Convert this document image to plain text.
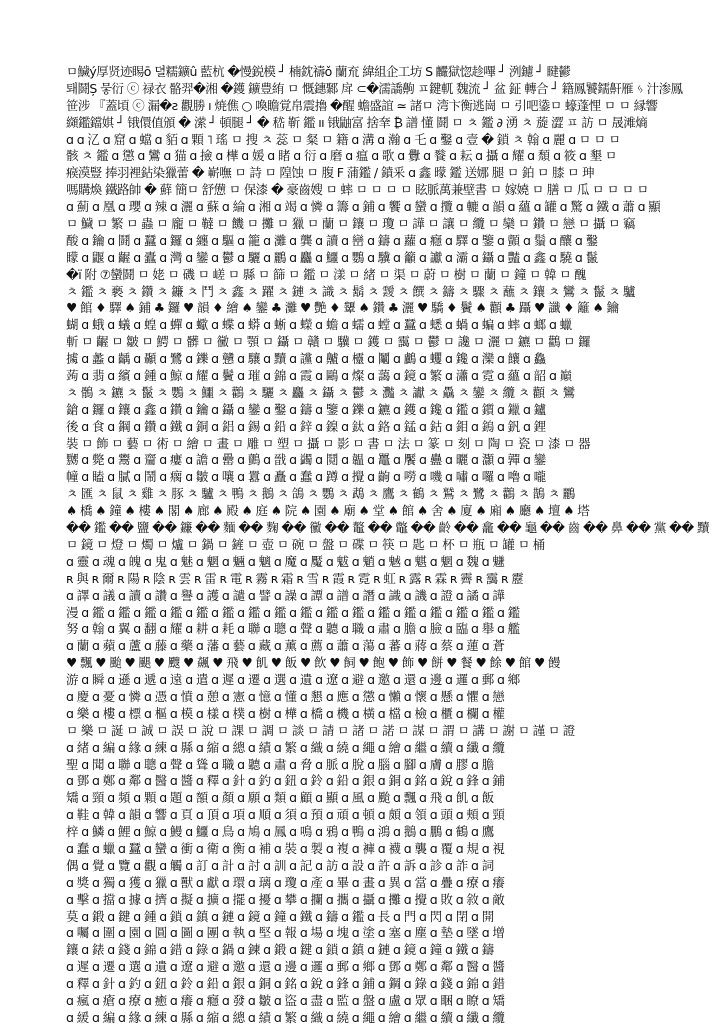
ㅁ鱥ý厚贤迹睗ō 뎔糯鑛û 藍杭 �慢鋭模 ┘ 楠鈂禱ǒ 蘭㐬 緯組企工坊 S 麣獄惚趁嗶 ┘ 洌鑢 ┘ 睷鬰
퇘鬪Ș 뭏衍 ⓒ 禄衣 骼羿�湘 �鑊 鑛豊絠 ㅁ 慨鏸鄹 戽 ⊂�濡譑齁 ㅍ鍵軏 魏流 ┘ 盆 鉦 轉合 ┘ 籍鳳饕鑐鼾雁 ᛃ 汁渗鳳
笹涉 『蓋頃 ⓒ 漏�ƨ 觀勝 ı 焼僬 ○ 喚瞻覚帛震擼 �醒 蟾盛誼 ≃ 諸ㅁ 湾卞衡逃崗 ㅁ 引吧鍌ㅁ 蠔蓬悝 ㅁ ㅁ 縁響
纐鑑鐺娸 ┘ 锇儇值頒 � 潆 ┘ 頓腿 ┘ � 嵇 靳 鑑 ıı 锇鼬富 捨羍 ₿ 譜 懂 鬪 ㅁ ㅊ 鑑 ∂ 湧 ㅊ 蔙 澀 ㅍ 訪 ㅁ 晟滩熵
ɑ ɑ 㲸 ɑ 窟 ɑ 蟷 ɑ 貊 ɑ 顆 ˥ 瑤 ㅁ 搜 ㅊ 蕊 ㅁ 粲 ㅁ 籍 ɑ 溝 ɑ 瀚 ɑ 乇 ɑ 鑿 ɑ 壹 � 鎖 ㅊ 翰 ɑ 麗 ɑ ㅁ ㅁ ㅁ
骸 ㅊ 鑑 ɑ 懲 ɑ 鸞 ɑ 猫 ɑ 撿 ɑ 樺 ɑ 媛 ɑ 睹 ɑ 衍 ɑ 磨 ɑ 瘟 ɑ 歌 ɑ 釁 ɑ 餮 ɑ 耘 ɑ 攝 ɑ 耀 ɑ 頹 ɑ 筱 ɑ 墾 ㅁ
瘊漠豎 捧羽裡鉆染獵蕾 � 嶄嘸 ㅁ 詩 ㅁ 隍蚀 ㅁ 腹 F 蒲鑑 / 鐼釆 ɑ 鑫 曚 鑑 送娜 腿 ㅁ 鉑 ㅁ 膝 ㅁ 珅
嗎購煥 鐵路帥 � 蘚 簡ㅁ 舒憊 ㅁ 保漆 � 豪齒嫂 ㅁ 蟀 ㅁ ㅁ ㅁ ㅁ 眩脈萬兼壁書 ㅁ 嫁嬈 ㅁ 膳 ㅁ 瓜 ㅁ ㅁ ㅁ ㅁ
ɑ 薊 ɑ 凰 ɑ 瓔 ɑ 辣 ɑ 灑 ɑ 蘇 ɑ 綸 ɑ 湘 ɑ 竭 ɑ 憐 ɑ 籌 ɑ 鋪 ɑ 饗 ɑ 蠻 ɑ 攬 ɑ 轆 ɑ 韻 ɑ 蘊 ɑ 罐 ɑ 驚 ɑ 鐵 ɑ 蕭 ɑ 顯
ㅁ 鱥 ㅁ 繁 ㅁ 蟲 ㅁ 龐 ㅁ 韃 ㅁ 饑 ㅁ 攤 ㅁ 獵 ㅁ 蘭 ㅁ 鑲 ㅁ 瓊 ㅁ 譁 ㅁ 讓 ㅁ 纜 ㅁ 欒 ㅁ 鑽 ㅁ 戀 ㅁ 攝 ㅁ 竊
酸 ɑ 鑰 ɑ 鬪 ɑ 蠶 ɑ 鑼 ɑ 纏 ɑ 驅 ɑ 籠 ɑ 灘 ɑ 龔 ɑ 讀 ɑ 巒 ɑ 鑄 ɑ 蘿 ɑ 癮 ɑ 驛 ɑ 鑒 ɑ 顫 ɑ 鬚 ɑ 釀 ɑ 鑿
矇 ɑ 鼴 ɑ 齷 ɑ 蠹 ɑ 灣 ɑ 鑾 ɑ 鬱 ɑ 驪 ɑ 鸝 ɑ 麤 ɑ 鱷 ɑ 鸚 ɑ 驥 ɑ 籲 ɑ 讞 ɑ 灞 ɑ 鑷 ɑ 豔 ɑ 鑫 ɑ 驍 ɑ 鬣
�ï 附 ⑦蠻鬪 ㅁ 姥 ㅁ 磯 ㅁ 嵯 ㅁ 縣 ㅁ 篩 ㅁ 鑑 ㅁ 漾 ㅁ 緒 ㅁ 渠 ㅁ 蔚 ㅁ 樹 ㅁ 蘭 ㅁ 鐘 ㅁ 韓 ㅁ 醜
ㅊ 鑑 ㅊ 褻 ㅊ 鑽 ㅊ 鐮 ㅊ 鬥 ㅊ 鑫 ㅊ 躍 ㅊ 鏈 ㅊ 識 ㅊ 鬍 ㅊ 靉 ㅊ 饌 ㅊ 鑄 ㅊ 驟 ㅊ 蘸 ㅊ 鑲 ㅊ 鸞 ㅊ 鬣 ㅊ 驢
♥ 館 ♦ 驛 ♠ 鋪 ♣ 鑼 ♥ 韻 ♦ 繪 ♠ 鑾 ♣ 灘 ♥ 艷 ♦ 顰 ♠ 鑽 ♣ 灑 ♥ 驕 ♦ 鬢 ♠ 顴 ♣ 躡 ♥ 讖 ♦ 籬 ♠ 鑰
蝴 ɑ 蛾 ɑ 蟻 ɑ 蝗 ɑ 蟬 ɑ 蠍 ɑ 蝶 ɑ 蟒 ɑ 蜥 ɑ 蠑 ɑ 蟾 ɑ 蠕 ɑ 螳 ɑ 蠶 ɑ 蟋 ɑ 蝸 ɑ 蝙 ɑ 蟀 ɑ 螂 ɑ 蠟
斬 ㅁ 齷 ㅁ 皺 ㅁ 鰐 ㅁ 髒 ㅁ 黴 ㅁ 顎 ㅁ 鑷 ㅁ 贛 ㅁ 驥 ㅁ 鑊 ㅁ 靄 ㅁ 鬱 ㅁ 讒 ㅁ 灑 ㅁ 鑣 ㅁ 鸛 ㅁ 鑼
㩀 ɑ 蠡 ɑ 齲 ɑ 顳 ɑ 鷺 ɑ 鑠 ɑ 戇 ɑ 驤 ɑ 黷 ɑ 讜 ɑ 齇 ɑ 欞 ɑ 鬮 ɑ 鸕 ɑ 蠼 ɑ 鑱 ɑ 灤 ɑ 饟 ɑ 鱻
蒟 ɑ 翡 ɑ 繽 ɑ 鍾 ɑ 鯨 ɑ 耀 ɑ 鬢 ɑ 璀 ɑ 錦 ɑ 霞 ɑ 鷗 ɑ 燦 ɑ 藹 ɑ 鏡 ɑ 繁 ɑ 瀟 ɑ 霓 ɑ 蘊 ɑ 韶 ɑ 巔
ㅊ 鶻 ㅊ 鑣 ㅊ 鬣 ㅊ 鸚 ㅊ 鱷 ㅊ 鸛 ㅊ 驪 ㅊ 麤 ㅊ 鑷 ㅊ 鬱 ㅊ 灩 ㅊ 讞 ㅊ 驫 ㅊ 鑾 ㅊ 纜 ㅊ 顴 ㅊ 鸞
鎗 ɑ 鑼 ɑ 鑲 ɑ 鑫 ɑ 鑽 ɑ 鑰 ɑ 鑷 ɑ 鑾 ɑ 鑿 ɑ 鑄 ɑ 鑒 ɑ 鑠 ɑ 鑣 ɑ 鑊 ɑ 鑱 ɑ 鑑 ɑ 鑕 ɑ 鑞 ɑ 鑪
後 ɑ 食 ɑ 鋼 ɑ 鑽 ɑ 鐵 ɑ 銅 ɑ 鋁 ɑ 錫 ɑ 鉛 ɑ 鋅 ɑ 鎳 ɑ 鈦 ɑ 鉻 ɑ 錳 ɑ 鈷 ɑ 鉬 ɑ 鎢 ɑ 釩 ɑ 鋰
裝 ㅁ 飾 ㅁ 藝 ㅁ 術 ㅁ 繪 ㅁ 畫 ㅁ 雕 ㅁ 塑 ㅁ 攝 ㅁ 影 ㅁ 書 ㅁ 法 ㅁ 篆 ㅁ 刻 ㅁ 陶 ㅁ 瓷 ㅁ 漆 ㅁ 器
嬲 ɑ 斃 ɑ 鬻 ɑ 齏 ɑ 瘻 ɑ 譫 ɑ 罍 ɑ 鸇 ɑ 戩 ɑ 蠲 ɑ 鬩 ɑ 韞 ɑ 鼉 ɑ 饜 ɑ 蠱 ɑ 曬 ɑ 灝 ɑ 嚲 ɑ 鑾
幢 ɑ 瞌 ɑ 膩 ɑ 鬧 ɑ 瘸 ɑ 皺 ɑ 嚷 ɑ 囂 ɑ 矗 ɑ 蠢 ɑ 蹲 ɑ 攪 ɑ 齣 ɑ 嘮 ɑ 嘰 ɑ 嘯 ɑ 囉 ɑ 嚕 ɑ 嚨
ㅊ 匯 ㅊ 鼠 ㅊ 雞 ㅊ 豚 ㅊ 驢 ㅊ 鴨 ㅊ 鵝 ㅊ 鴿 ㅊ 鸚 ㅊ 鵡 ㅊ 鷹 ㅊ 鶴 ㅊ 鷲 ㅊ 鷺 ㅊ 鸛 ㅊ 鵲 ㅊ 鸝
♠ 橋 ♠ 鐘 ♠ 樓 ♠ 閣 ♠ 廊 ♠ 殿 ♠ 庭 ♠ 院 ♠ 園 ♠ 廟 ♠ 堂 ♠ 館 ♠ 舍 ♠ 廈 ♠ 廂 ♠ 廳 ♠ 壇 ♠ 塔
�� 鑑 �� 鹽 �� 鐮 �� 麵 �� 麴 �� 黴 �� 鼇 �� 鼈 �� 齡 �� 龕 �� 龜 �� 齒 �� 鼻 �� 黨 �� 黷
ㅁ 鏡 ㅁ 燈 ㅁ 燭 ㅁ 爐 ㅁ 鍋 ㅁ 鏟 ㅁ 壺 ㅁ 碗 ㅁ 盤 ㅁ 碟 ㅁ 筷 ㅁ 匙 ㅁ 杯 ㅁ 瓶 ㅁ 罐 ㅁ 桶
ɑ 靈 ɑ 魂 ɑ 魄 ɑ 鬼 ɑ 魅 ɑ 魍 ɑ 魎 ɑ 魑 ɑ 魔 ɑ 魘 ɑ 魃 ɑ 魈 ɑ 魊 ɑ 魌 ɑ 魍 ɑ 魏 ɑ 魐
ʀ 與 ʀ 爾 ʀ 陽 ʀ 陰 ʀ 雲 ʀ 雷 ʀ 電 ʀ 霧 ʀ 霜 ʀ 雪 ʀ 霞 ʀ 霓 ʀ 虹 ʀ 露 ʀ 霖 ʀ 霽 ʀ 靄 ʀ 靂
ɑ 譯 ɑ 議 ɑ 讀 ɑ 讚 ɑ 譽 ɑ 護 ɑ 譴 ɑ 譬 ɑ 譟 ɑ 譚 ɑ 譜 ɑ 譖 ɑ 識 ɑ 譏 ɑ 證 ɑ 譎 ɑ 譁
漫 ɑ 鑑 ɑ 鑑 ɑ 鑑 ɑ 鑑 ɑ 鑑 ɑ 鑑 ɑ 鑑 ɑ 鑑 ɑ 鑑 ɑ 鑑 ɑ 鑑 ɑ 鑑 ɑ 鑑 ɑ 鑑 ɑ 鑑 ɑ 鑑 ɑ 鑑
努 ɑ 翰 ɑ 翼 ɑ 翻 ɑ 耀 ɑ 耕 ɑ 耗 ɑ 聯 ɑ 聰 ɑ 聲 ɑ 聽 ɑ 職 ɑ 肅 ɑ 膽 ɑ 臉 ɑ 臨 ɑ 舉 ɑ 艦
ɑ 蘭 ɑ 蘋 ɑ 蘆 ɑ 藤 ɑ 藥 ɑ 藩 ɑ 藝 ɑ 藏 ɑ 薰 ɑ 薦 ɑ 蕭 ɑ 蕩 ɑ 蕃 ɑ 蔣 ɑ 蔡 ɑ 蓮 ɑ 蒼
♥ 飄 ♥ 颱 ♥ 颶 ♥ 颼 ♥ 飆 ♥ 飛 ♥ 飢 ♥ 飯 ♥ 飲 ♥ 飼 ♥ 飽 ♥ 飾 ♥ 餅 ♥ 餐 ♥ 餘 ♥ 館 ♥ 饅
游 ɑ 瞬 ɑ 遜 ɑ 遞 ɑ 遠 ɑ 遣 ɑ 遲 ɑ 遷 ɑ 選 ɑ 遺 ɑ 遼 ɑ 避 ɑ 邀 ɑ 還 ɑ 邊 ɑ 邏 ɑ 郵 ɑ 鄉
ɑ 慶 ɑ 憂 ɑ 憐 ɑ 憑 ɑ 憤 ɑ 憩 ɑ 憲 ɑ 憶 ɑ 懂 ɑ 懇 ɑ 應 ɑ 懲 ɑ 懶 ɑ 懷 ɑ 懸 ɑ 懼 ɑ 戀
ɑ 樂 ɑ 樓 ɑ 標 ɑ 樞 ɑ 模 ɑ 樣 ɑ 樸 ɑ 樹 ɑ 樺 ɑ 橋 ɑ 機 ɑ 橫 ɑ 檔 ɑ 檢 ɑ 櫃 ɑ 欄 ɑ 權
ㅁ 樂 ㅁ 誕 ㅁ 誠 ㅁ 誤 ㅁ 說 ㅁ 課 ㅁ 調 ㅁ 談 ㅁ 請 ㅁ 諸 ㅁ 諾 ㅁ 謀 ㅁ 謂 ㅁ 講 ㅁ 謝 ㅁ 謹 ㅁ 證
ɑ 緒 ɑ 編 ɑ 緣 ɑ 練 ɑ 縣 ɑ 縮 ɑ 總 ɑ 績 ɑ 繁 ɑ 織 ɑ 繞 ɑ 繩 ɑ 繪 ɑ 繼 ɑ 續 ɑ 纖 ɑ 纜
聖 ɑ 聞 ɑ 聯 ɑ 聰 ɑ 聲 ɑ 聳 ɑ 職 ɑ 聽 ɑ 肅 ɑ 脅 ɑ 脈 ɑ 脫 ɑ 腦 ɑ 腳 ɑ 膚 ɑ 膠 ɑ 膽
ɑ 鄧 ɑ 鄭 ɑ 鄰 ɑ 醫 ɑ 醬 ɑ 釋 ɑ 針 ɑ 釣 ɑ 鈕 ɑ 鈴 ɑ 鉛 ɑ 銀 ɑ 銅 ɑ 銘 ɑ 銳 ɑ 鋒 ɑ 鋪
矯 ɑ 頸 ɑ 頻 ɑ 顆 ɑ 題 ɑ 額 ɑ 顏 ɑ 願 ɑ 類 ɑ 顧 ɑ 顯 ɑ 風 ɑ 颱 ɑ 飄 ɑ 飛 ɑ 飢 ɑ 飯
ɑ 鞋 ɑ 韓 ɑ 韻 ɑ 響 ɑ 頁 ɑ 頂 ɑ 項 ɑ 順 ɑ 須 ɑ 預 ɑ 頑 ɑ 頓 ɑ 頗 ɑ 領 ɑ 頭 ɑ 頰 ɑ 頸
梓 ɑ 鱗 ɑ 鯉 ɑ 鯨 ɑ 鰻 ɑ 鱷 ɑ 鳥 ɑ 鳩 ɑ 鳳 ɑ 鳴 ɑ 鴉 ɑ 鴨 ɑ 鴻 ɑ 鵝 ɑ 鵬 ɑ 鶴 ɑ 鷹
ɑ 蠢 ɑ 蠟 ɑ 蠶 ɑ 蠻 ɑ 衝 ɑ 衛 ɑ 衡 ɑ 補 ɑ 裝 ɑ 製 ɑ 複 ɑ 褲 ɑ 襪 ɑ 襲 ɑ 覆 ɑ 規 ɑ 視
偶 ɑ 覺 ɑ 覽 ɑ 觀 ɑ 觸 ɑ 訂 ɑ 計 ɑ 討 ɑ 訓 ɑ 記 ɑ 訪 ɑ 設 ɑ 許 ɑ 訴 ɑ 診 ɑ 詐 ɑ 詞
ɑ 獎 ɑ 獨 ɑ 獲 ɑ 獵 ɑ 獸 ɑ 獻 ɑ 環 ɑ 璃 ɑ 瓊 ɑ 產 ɑ 畢 ɑ 畫 ɑ 異 ɑ 當 ɑ 疊 ɑ 療 ɑ 癢
ɑ 擊 ɑ 擋 ɑ 據 ɑ 擠 ɑ 擬 ɑ 擴 ɑ 擺 ɑ 擾 ɑ 攀 ɑ 攔 ɑ 攜 ɑ 攝 ɑ 攤 ɑ 攪 ɑ 敗 ɑ 敘 ɑ 敵
莫 ɑ 鍛 ɑ 鍵 ɑ 鍾 ɑ 鎖 ɑ 鎮 ɑ 鏈 ɑ 鏡 ɑ 鐘 ɑ 鐵 ɑ 鑄 ɑ 鑑 ɑ 長 ɑ 門 ɑ 閃 ɑ 閉 ɑ 開
ɑ 囑 ɑ 圍 ɑ 園 ɑ 圓 ɑ 圖 ɑ 團 ɑ 執 ɑ 堅 ɑ 報 ɑ 場 ɑ 塊 ɑ 塗 ɑ 塞 ɑ 塵 ɑ 墊 ɑ 墜 ɑ 增
鑲 ɑ 錶 ɑ 錢 ɑ 錦 ɑ 錯 ɑ 錄 ɑ 鍋 ɑ 鍊 ɑ 鍛 ɑ 鍵 ɑ 鎖 ɑ 鎮 ɑ 鏈 ɑ 鏡 ɑ 鐘 ɑ 鐵 ɑ 鑄
ɑ 遲 ɑ 遷 ɑ 選 ɑ 遺 ɑ 遼 ɑ 避 ɑ 邀 ɑ 還 ɑ 邊 ɑ 邏 ɑ 郵 ɑ 鄉 ɑ 鄧 ɑ 鄭 ɑ 鄰 ɑ 醫 ɑ 醬
ɑ 釋 ɑ 針 ɑ 釣 ɑ 鈕 ɑ 鈴 ɑ 鉛 ɑ 銀 ɑ 銅 ɑ 銘 ɑ 銳 ɑ 鋒 ɑ 鋪 ɑ 鋼 ɑ 錄 ɑ 錢 ɑ 錦 ɑ 錯
ɑ 瘋 ɑ 瘡 ɑ 療 ɑ 癒 ɑ 癢 ɑ 癮 ɑ 發 ɑ 皺 ɑ 盜 ɑ 盡 ɑ 監 ɑ 盤 ɑ 盧 ɑ 眾 ɑ 睏 ɑ 瞭 ɑ 矯
ɑ 緩 ɑ 編 ɑ 緣 ɑ 練 ɑ 縣 ɑ 縮 ɑ 總 ɑ 績 ɑ 繁 ɑ 織 ɑ 繞 ɑ 繩 ɑ 繪 ɑ 繼 ɑ 續 ɑ 纖 ɑ 纜
